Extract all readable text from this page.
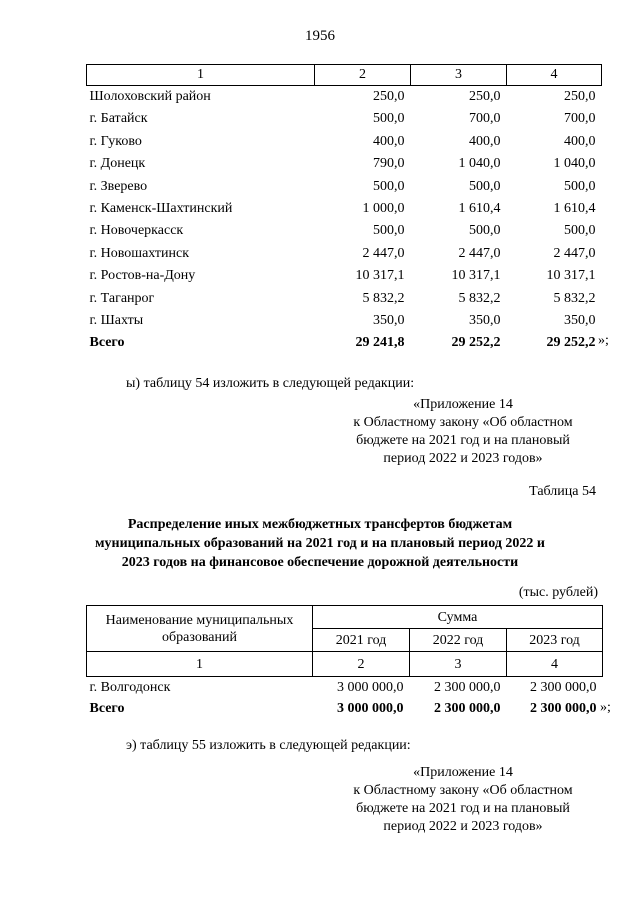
1956
1	2	3	4
Шолоховский район	250,0	250,0	250,0
г. Батайск	500,0	700,0	700,0
г. Гуково	400,0	400,0	400,0
г. Донецк	790,0	1 040,0	1 040,0
г. Зверево	500,0	500,0	500,0
г. Каменск-Шахтинский	1 000,0	1 610,4	1 610,4
г. Новочеркасск	500,0	500,0	500,0
г. Новошахтинск	2 447,0	2 447,0	2 447,0
г. Ростов-на-Дону	10 317,1	10 317,1	10 317,1
г. Таганрог	5 832,2	5 832,2	5 832,2
г. Шахты	350,0	350,0	350,0
Всего	29 241,8	29 252,2	29 252,2 »;
ы) таблицу 54 изложить в следующей редакции:
«Приложение 14
к Областному закону «Об областном
бюджете на 2021 год и на плановый
период 2022 и 2023 годов»
Таблица 54
Распределение иных межбюджетных трансфертов бюджетам
муниципальных образований на 2021 год и на плановый период 2022 и
2023 годов на финансовое обеспечение дорожной деятельности
(тыс. рублей)
Наименование муниципальных образований	Сумма		
	2021 год	2022 год	2023 год
1	2	3	4
г. Волгодонск	3 000 000,0	2 300 000,0	2 300 000,0
Всего	3 000 000,0	2 300 000,0	2 300 000,0 »;
э) таблицу 55 изложить в следующей редакции:
«Приложение 14
к Областному закону «Об областном
бюджете на 2021 год и на плановый
период 2022 и 2023 годов»
